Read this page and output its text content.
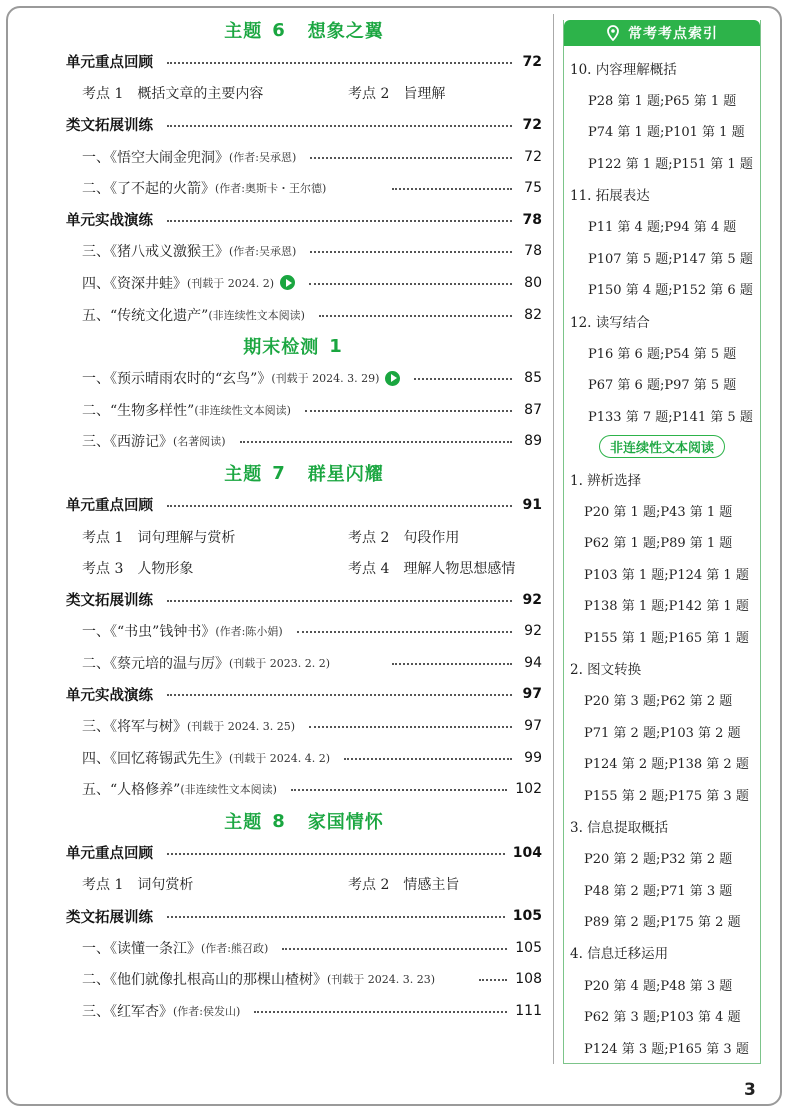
主题 6 想象之翼
单元重点回顾	72
考点 1　概括文章的主要内容	考点 2　旨理解
类文拓展训练	72
一、《悟空大闹金兜洞》 (作者:吴承恩)	72
二、《了不起的火箭》 (作者:奥斯卡・王尔德)	75
单元实战演练	78
三、《猪八戒义激猴王》 (作者:吴承恩)	78
四、《资深井蛙》 (刊载于 2024. 2)	80
五、“传统文化遗产” (非连续性文本阅读)	82
期末检测 1
一、《预示晴雨农时的“玄鸟”》 (刊载于 2024. 3. 29)	85
二、“生物多样性” (非连续性文本阅读)	87
三、《西游记》 (名著阅读)	89
主题 7 群星闪耀
单元重点回顾	91
考点 1　词句理解与赏析	考点 2　句段作用
考点 3　人物形象	考点 4　理解人物思想感情
类文拓展训练	92
一、《“书虫”钱钟书》 (作者:陈小娟)	92
二、《蔡元培的温与厉》 (刊载于 2023. 2. 2)	94
单元实战演练	97
三、《将军与树》 (刊载于 2024. 3. 25)	97
四、《回忆蒋锡武先生》 (刊载于 2024. 4. 2)	99
五、“人格修养” (非连续性文本阅读)	102
主题 8 家国情怀
单元重点回顾	104
考点 1　词句赏析	考点 2　情感主旨
类文拓展训练	105
一、《读懂一条江》 (作者:熊召政)	105
二、《他们就像扎根高山的那棵山楂树》 (刊载于 2024. 3. 23)	108
三、《红军杏》 (作者:侯发山)	111
常考考点索引
10. 内容理解概括
P28 第 1 题;P65 第 1 题
P74 第 1 题;P101 第 1 题
P122 第 1 题;P151 第 1 题
11. 拓展表达
P11 第 4 题;P94 第 4 题
P107 第 5 题;P147 第 5 题
P150 第 4 题;P152 第 6 题
12. 读写结合
P16 第 6 题;P54 第 5 题
P67 第 6 题;P97 第 5 题
P133 第 7 题;P141 第 5 题
非连续性文本阅读
1. 辨析选择
P20 第 1 题;P43 第 1 题
P62 第 1 题;P89 第 1 题
P103 第 1 题;P124 第 1 题
P138 第 1 题;P142 第 1 题
P155 第 1 题;P165 第 1 题
2. 图文转换
P20 第 3 题;P62 第 2 题
P71 第 2 题;P103 第 2 题
P124 第 2 题;P138 第 2 题
P155 第 2 题;P175 第 3 题
3. 信息提取概括
P20 第 2 题;P32 第 2 题
P48 第 2 题;P71 第 3 题
P89 第 2 题;P175 第 2 题
4. 信息迁移运用
P20 第 4 题;P48 第 3 题
P62 第 3 题;P103 第 4 题
P124 第 3 题;P165 第 3 题
3
